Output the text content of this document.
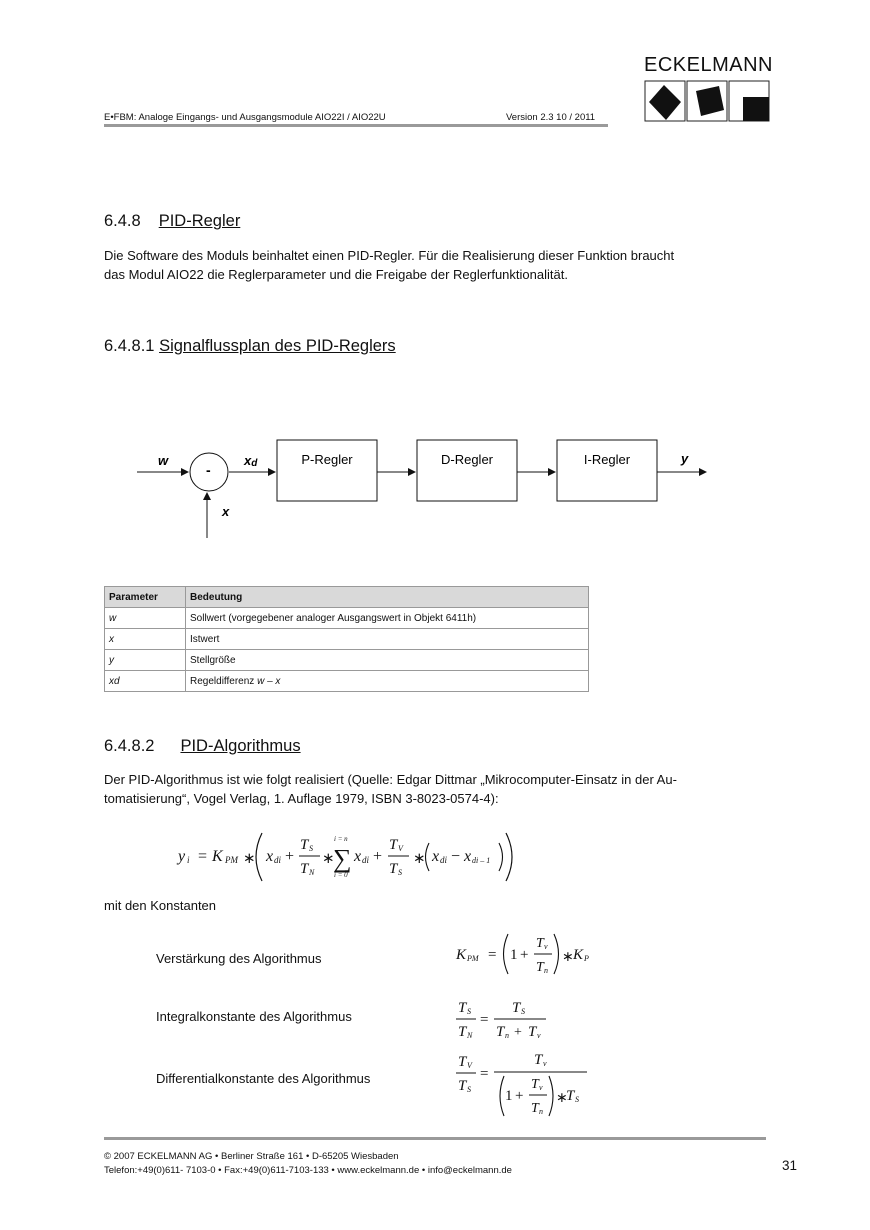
E•FBM: Analoge Eingangs- und Ausgangsmodule AIO22I / AIO22U	Version 2.3 10 / 2011
ECKELMANN
6.4.8 PID-Regler
Die Software des Moduls beinhaltet einen PID-Regler. Für die Realisierung dieser Funktion braucht
das Modul AIO22 die Reglerparameter und die Freigabe der Reglerfunktionalität.
6.4.8.1 Signalflussplan des PID-Reglers
w
-
xd
x
y
P-Regler	D-Regler	I-Regler
Parameter	Bedeutung
w	Sollwert (vorgegebener analoger Ausgangswert in Objekt 6411h)
x	Istwert
y	Stellgröße
xd	Regeldifferenz w – x
6.4.8.2 PID-Algorithmus
Der PID-Algorithmus ist wie folgt realisiert (Quelle: Edgar Dittmar „Mikrocomputer-Einsatz in der Au-
tomatisierung“, Vogel Verlag, 1. Auflage 1979, ISBN 3-8023-0574-4):
y i = K PM ∗ x di +
T S
T N
∗
∑
i = n
i = 0
x di +
T V
T S
∗ x di − x di – 1
mit den Konstanten
Verstärkung des Algorithmus	K PM = 1 +
T v
T n
∗ K P
Integralkonstante des Algorithmus
T S
T N
=
T S
T n + T v
Differentialkonstante des Algorithmus
T V
T S
=
T v
1 +
T v
T n
∗
T S
© 2007 ECKELMANN AG • Berliner Straße 161 • D-65205 Wiesbaden
Telefon:+49(0)611- 7103-0 • Fax:+49(0)611-7103-133 • www.eckelmann.de • info@eckelmann.de	31
